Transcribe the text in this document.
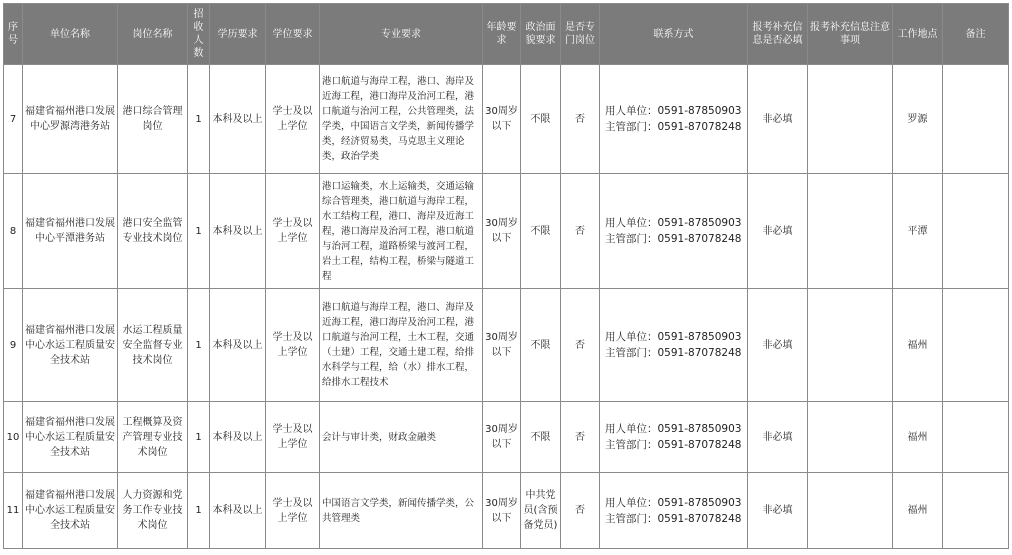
序号	单位名称	岗位名称	招收人数	学历要求	学位要求	专业要求	年龄要求	政治面貌要求	是否专门岗位	联系方式	报考补充信息是否必填	报考补充信息注意事项	工作地点	备注
7	福建省福州港口发展中心罗源湾港务站	港口综合管理岗位	1	本科及以上	学士及以上学位	港口航道与海岸工程，港口、海岸及近海工程，港口海岸及治河工程，港口航道与治河工程，公共管理类，法学类，中国语言文学类，新闻传播学类，经济贸易类，马克思主义理论类，政治学类	30周岁以下	不限	否	用人单位：0591-87850903
主管部门：0591-87078248	非必填		罗源	
8	福建省福州港口发展中心平潭港务站	港口安全监管专业技术岗位	1	本科及以上	学士及以上学位	港口运输类，水上运输类，交通运输综合管理类，港口航道与海岸工程，水工结构工程，港口、海岸及近海工程，港口海岸及治河工程，港口航道与治河工程，道路桥梁与渡河工程，岩土工程，结构工程，桥梁与隧道工程	30周岁以下	不限	否	用人单位：0591-87850903
主管部门：0591-87078248	非必填		平潭	
9	福建省福州港口发展中心水运工程质量安全技术站	水运工程质量安全监督专业技术岗位	1	本科及以上	学士及以上学位	港口航道与海岸工程，港口、海岸及近海工程，港口海岸及治河工程，港口航道与治河工程，土木工程，交通（土建）工程，交通土建工程，给排水科学与工程，给（水）排水工程，给排水工程技术	30周岁以下	不限	否	用人单位：0591-87850903
主管部门：0591-87078248	非必填		福州	
10	福建省福州港口发展中心水运工程质量安全技术站	工程概算及资产管理专业技术岗位	1	本科及以上	学士及以上学位	会计与审计类，财政金融类	30周岁以下	不限	否	用人单位：0591-87850903
主管部门：0591-87078248	非必填		福州	
11	福建省福州港口发展中心水运工程质量安全技术站	人力资源和党务工作专业技术岗位	1	本科及以上	学士及以上学位	中国语言文学类，新闻传播学类，公共管理类	30周岁以下	中共党员(含预备党员)	否	用人单位：0591-87850903
主管部门：0591-87078248	非必填		福州	
